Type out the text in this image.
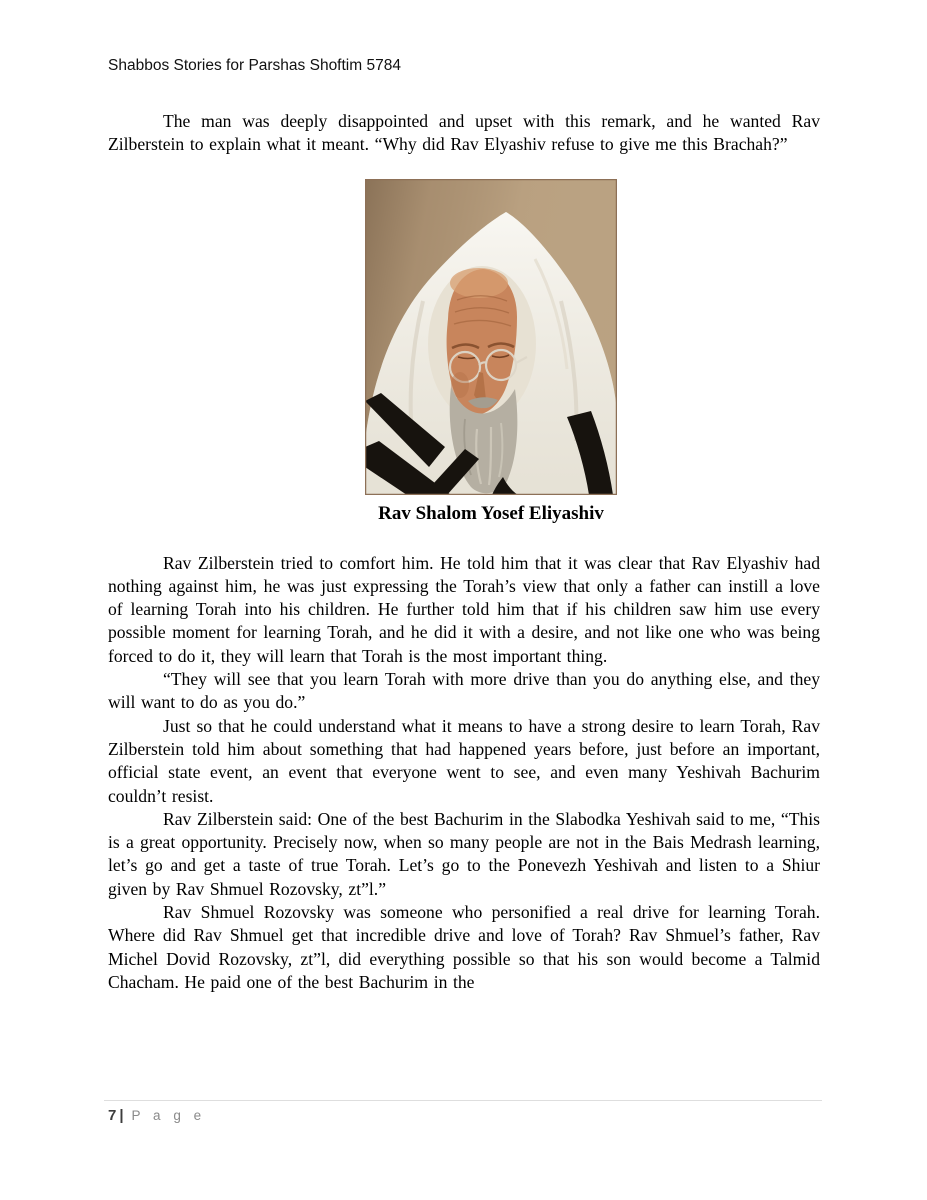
Shabbos Stories for Parshas Shoftim 5784

The man was deeply disappointed and upset with this remark, and he wanted Rav Zilberstein to explain what it meant. “Why did Rav Elyashiv refuse to give me this Brachah?”

Rav Shalom Yosef Eliyashiv

Rav Zilberstein tried to comfort him. He told him that it was clear that Rav Elyashiv had nothing against him, he was just expressing the Torah’s view that only a father can instill a love of learning Torah into his children. He further told him that if his children saw him use every possible moment for learning Torah, and he did it with a desire, and not like one who was being forced to do it, they will learn that Torah is the most important thing.

“They will see that you learn Torah with more drive than you do anything else, and they will want to do as you do.”

Just so that he could understand what it means to have a strong desire to learn Torah, Rav Zilberstein told him about something that had happened years before, just before an important, official state event, an event that everyone went to see, and even many Yeshivah Bachurim couldn’t resist.

Rav Zilberstein said: One of the best Bachurim in the Slabodka Yeshivah said to me, “This is a great opportunity. Precisely now, when so many people are not in the Bais Medrash learning, let’s go and get a taste of true Torah. Let’s go to the Ponevezh Yeshivah and listen to a Shiur given by Rav Shmuel Rozovsky, zt”l.”

Rav Shmuel Rozovsky was someone who personified a real drive for learning Torah. Where did Rav Shmuel get that incredible drive and love of Torah? Rav Shmuel’s father, Rav Michel Dovid Rozovsky, zt”l, did everything possible so that his son would become a Talmid Chacham. He paid one of the best Bachurim in the

7 | P a g e
